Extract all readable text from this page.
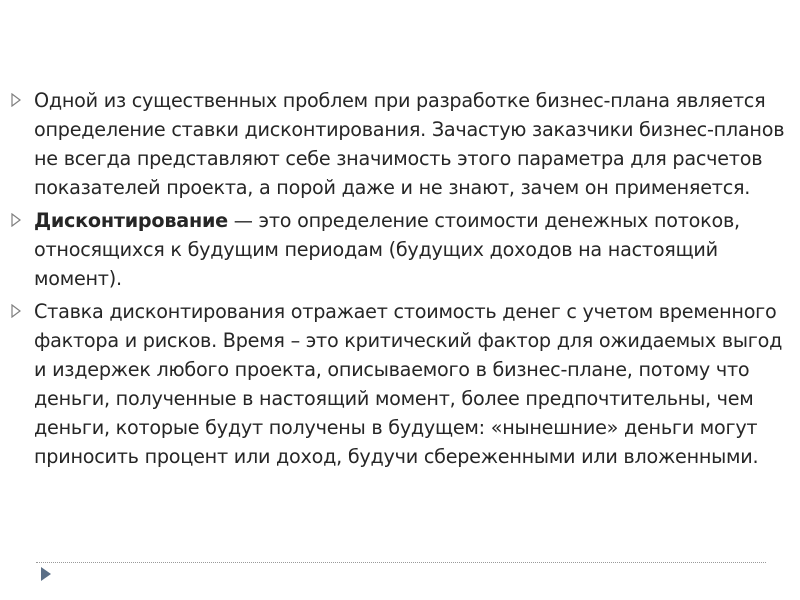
Одной из существенных проблем при разработке бизнес-плана является определение ставки дисконтирования. Зачастую заказчики бизнес-планов не всегда представляют себе значимость этого параметра для расчетов показателей проекта, а порой даже и не знают, зачем он применяется.
Дисконтирование — это определение стоимости денежных потоков, относящихся к будущим периодам (будущих доходов на настоящий момент).
Ставка дисконтирования отражает стоимость денег с учетом временного фактора и рисков. Время – это критический фактор для ожидаемых выгод и издержек любого проекта, описываемого в бизнес-плане, потому что деньги, полученные в настоящий момент, более предпочтительны, чем деньги, которые будут получены в будущем: «нынешние» деньги могут приносить процент или доход, будучи сбереженными или вложенными.
